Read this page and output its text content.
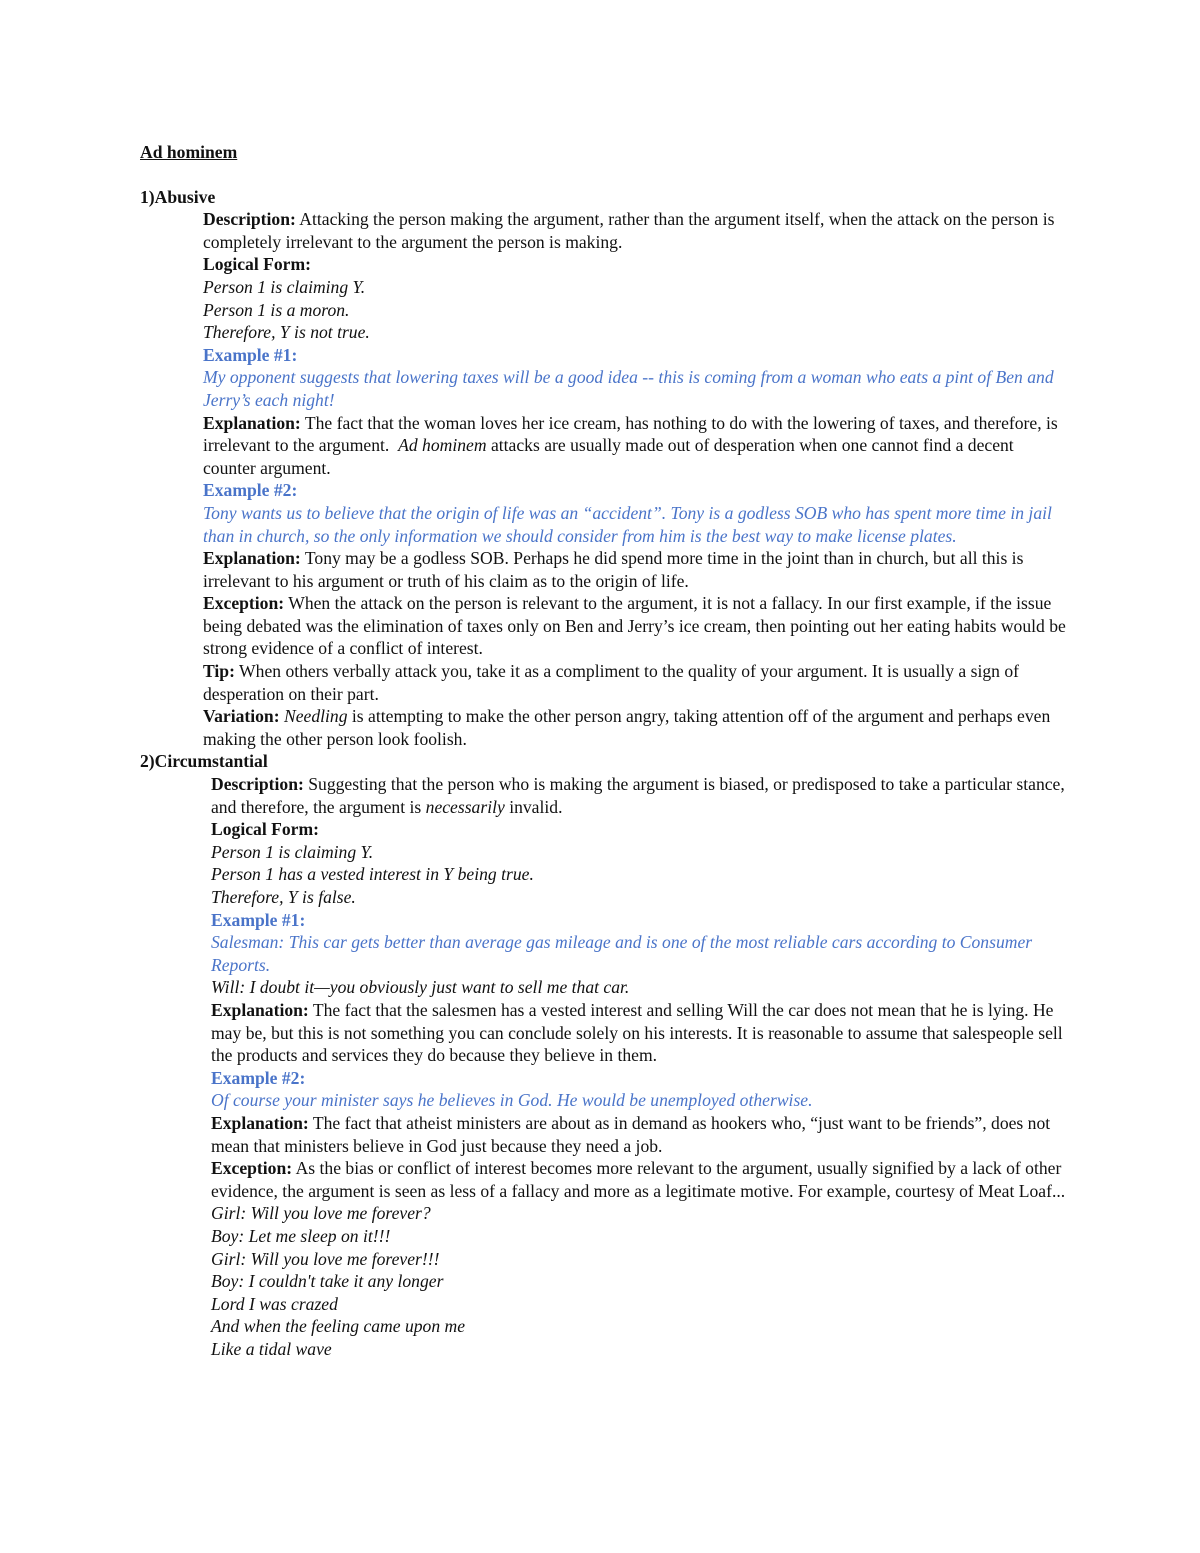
Ad hominem
1)Abusive
Description: Attacking the person making the argument, rather than the argument itself, when the attack on the person is completely irrelevant to the argument the person is making.
Logical Form:
Person 1 is claiming Y.
Person 1 is a moron.
Therefore, Y is not true.
Example #1:
My opponent suggests that lowering taxes will be a good idea -- this is coming from a woman who eats a pint of Ben and Jerry’s each night!
Explanation: The fact that the woman loves her ice cream, has nothing to do with the lowering of taxes, and therefore, is irrelevant to the argument. Ad hominem attacks are usually made out of desperation when one cannot find a decent counter argument.
Example #2:
Tony wants us to believe that the origin of life was an “accident”. Tony is a godless SOB who has spent more time in jail than in church, so the only information we should consider from him is the best way to make license plates.
Explanation: Tony may be a godless SOB. Perhaps he did spend more time in the joint than in church, but all this is irrelevant to his argument or truth of his claim as to the origin of life.
Exception: When the attack on the person is relevant to the argument, it is not a fallacy. In our first example, if the issue being debated was the elimination of taxes only on Ben and Jerry’s ice cream, then pointing out her eating habits would be strong evidence of a conflict of interest.
Tip: When others verbally attack you, take it as a compliment to the quality of your argument. It is usually a sign of desperation on their part.
Variation: Needling is attempting to make the other person angry, taking attention off of the argument and perhaps even making the other person look foolish.
2)Circumstantial
Description: Suggesting that the person who is making the argument is biased, or predisposed to take a particular stance, and therefore, the argument is necessarily invalid.
Logical Form:
Person 1 is claiming Y.
Person 1 has a vested interest in Y being true.
Therefore, Y is false.
Example #1:
Salesman: This car gets better than average gas mileage and is one of the most reliable cars according to Consumer Reports.
Will: I doubt it—you obviously just want to sell me that car.
Explanation: The fact that the salesmen has a vested interest and selling Will the car does not mean that he is lying. He may be, but this is not something you can conclude solely on his interests. It is reasonable to assume that salespeople sell the products and services they do because they believe in them.
Example #2:
Of course your minister says he believes in God. He would be unemployed otherwise.
Explanation: The fact that atheist ministers are about as in demand as hookers who, “just want to be friends”, does not mean that ministers believe in God just because they need a job.
Exception: As the bias or conflict of interest becomes more relevant to the argument, usually signified by a lack of other evidence, the argument is seen as less of a fallacy and more as a legitimate motive. For example, courtesy of Meat Loaf...
Girl: Will you love me forever?
Boy: Let me sleep on it!!!
Girl: Will you love me forever!!!
Boy: I couldn't take it any longer
Lord I was crazed
And when the feeling came upon me
Like a tidal wave
